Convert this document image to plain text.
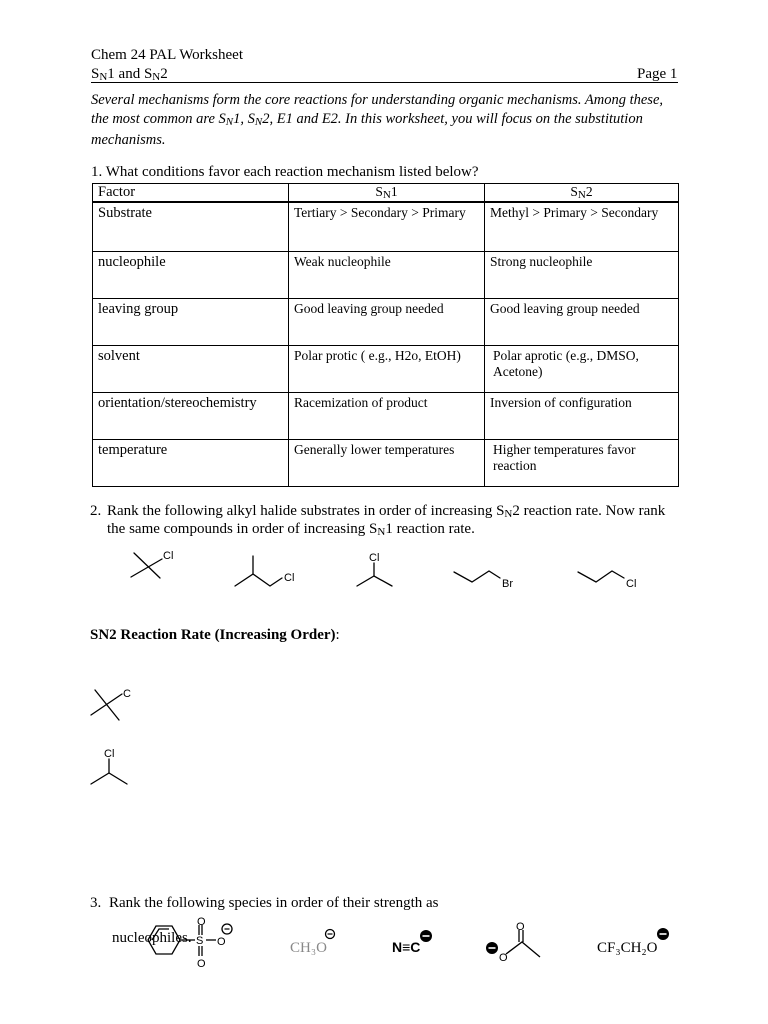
Chem 24 PAL Worksheet
SN1 and SN2	Page 1
Several mechanisms form the core reactions for understanding organic mechanisms. Among these, the most common are SN1, SN2, E1 and E2. In this worksheet, you will focus on the substitution mechanisms.
1. What conditions favor each reaction mechanism listed below?
Factor	SN1	SN2
Substrate	Tertiary > Secondary > Primary	Methyl > Primary > Secondary
nucleophile	Weak nucleophile	Strong nucleophile
leaving group	Good leaving group needed	Good leaving group needed
solvent	Polar protic ( e.g., H2o, EtOH)	Polar aprotic (e.g., DMSO, Acetone)
orientation/stereochemistry	Racemization of product	Inversion of configuration
temperature	Generally lower temperatures	Higher temperatures favor reaction
2. Rank the following alkyl halide substrates in order of increasing SN2 reaction rate. Now rank
the same compounds in order of increasing SN1 reaction rate.
Cl
Cl
Cl
Br	Cl
SN2 Reaction Rate (Increasing Order):
C
Cl
3. Rank the following species in order of their strength as
nucleophiles.
O
S
O
O
O
O
CH₃O	N≡C	CF₃CH₂O
